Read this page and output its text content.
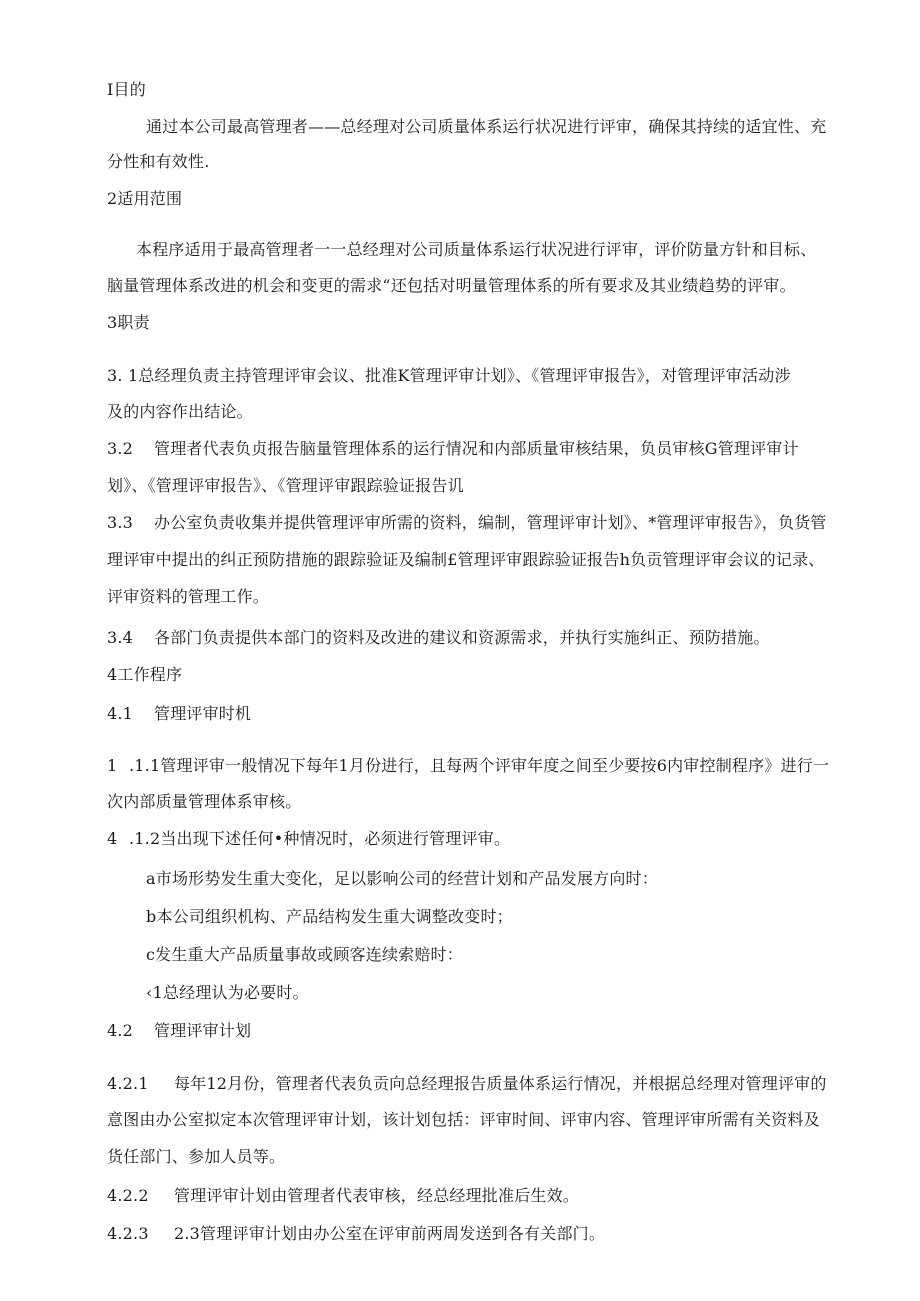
I目的
通过本公司最高管理者——总经理对公司质量体系运行状况进行评审，确保其持续的适宜性、充
分性和有效性.
2适用范围
本程序适用于最高管理者一一总经理对公司质量体系运行状况进行评审，评价防量方针和目标、
脑量管理体系改进的机会和变更的需求“还包括对明量管理体系的所有要求及其业绩趋势的评审。
3职责
3. 1总经理负责主持管理评审会议、批准K管理评审计划》、《管理评审报告》，对管理评审活动涉
及的内容作出结论。
3.2 管理者代表负贞报告脑量管理体系的运行情况和内部质量审核结果，负员审核G管理评审计
划》、《管理评审报告》、《管理评审跟踪验证报告讥
3.3 办公室负责收集并提供管理评审所需的资料，编制，管理评审计划》、*管理评审报告》，负货管
理评审中提出的纠正预防措施的跟踪验证及编制£管理评审跟踪验证报告h负贡管理评审会议的记录、
评审资料的管理工作。
3.4 各部门负责提供本部门的资料及改进的建议和资源需求，并执行实施纠正、预防措施。
4工作程序
4.1 管理评审时机
1 .1.1管理评审一般情况下每年1月份进行，且每两个评审年度之间至少要按6内审控制程序》进行一
次内部质量管理体系审核。
4 .1.2当出现下述任何•种情况时，必须进行管理评审。
a市场形势发生重大变化，足以影响公司的经营计划和产品发展方向时：
b本公司组织机构、产品结构发生重大调整改变时；
c发生重大产品质量事故或顾客连续索赔时：
‹1总经理认为必要时。
4.2 管理评审计划
4.2.1 每年12月份，管理者代表负贡向总经理报告质量体系运行情况，并根据总经理对管理评审的
意图由办公室拟定本次管理评审计划，该计划包括：评审时间、评审内容、管理评审所需有关资料及
货任部门、参加人员等。
4.2.2 管理评审计划由管理者代表审核，经总经理批准后生效。
4.2.3 2.3管理评审计划由办公室在评审前两周发送到各有关部门。
